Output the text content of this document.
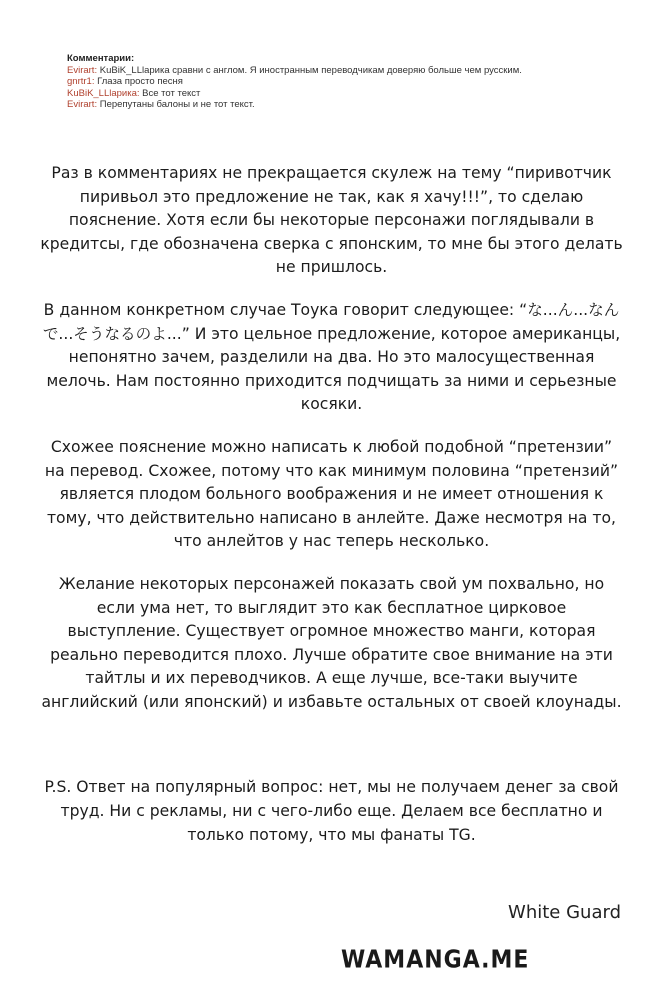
Комментарии:
Evirart: KuBiK_LLlарика сравни с англом. Я иностранным переводчикам доверяю больше чем русским.
gnrtr1: Глаза просто песня
KuBiK_LLlарика: Все тот текст
Evirart: Перепутаны балоны и не тот текст.

Раз в комментариях не прекращается скулеж на тему “пиривотчик пиривьол это предложение не так, как я хачу!!!”, то сделаю пояснение. Хотя если бы некоторые персонажи поглядывали в кредитсы, где обозначена сверка с японским, то мне бы этого делать не пришлось.

В данном конкретном случае Тоука говорит следующее: “な...ん...なんで...そうなるのよ...” И это цельное предложение, которое американцы, непонятно зачем, разделили на два. Но это малосущественная мелочь. Нам постоянно приходится подчищать за ними и серьезные косяки.

Схожее пояснение можно написать к любой подобной “претензии” на перевод. Схожее, потому что как минимум половина “претензий” является плодом больного воображения и не имеет отношения к тому, что действительно написано в анлейте. Даже несмотря на то, что анлейтов у нас теперь несколько.

Желание некоторых персонажей показать свой ум похвально, но если ума нет, то выглядит это как бесплатное цирковое выступление. Существует огромное множество манги, которая реально переводится плохо. Лучше обратите свое внимание на эти тайтлы и их переводчиков. А еще лучше, все-таки выучите английский (или японский) и избавьте остальных от своей клоунады.

P.S. Ответ на популярный вопрос: нет, мы не получаем денег за свой труд. Ни с рекламы, ни с чего-либо еще. Делаем все бесплатно и только потому, что мы фанаты TG.

White Guard
WAMANGA.ME
